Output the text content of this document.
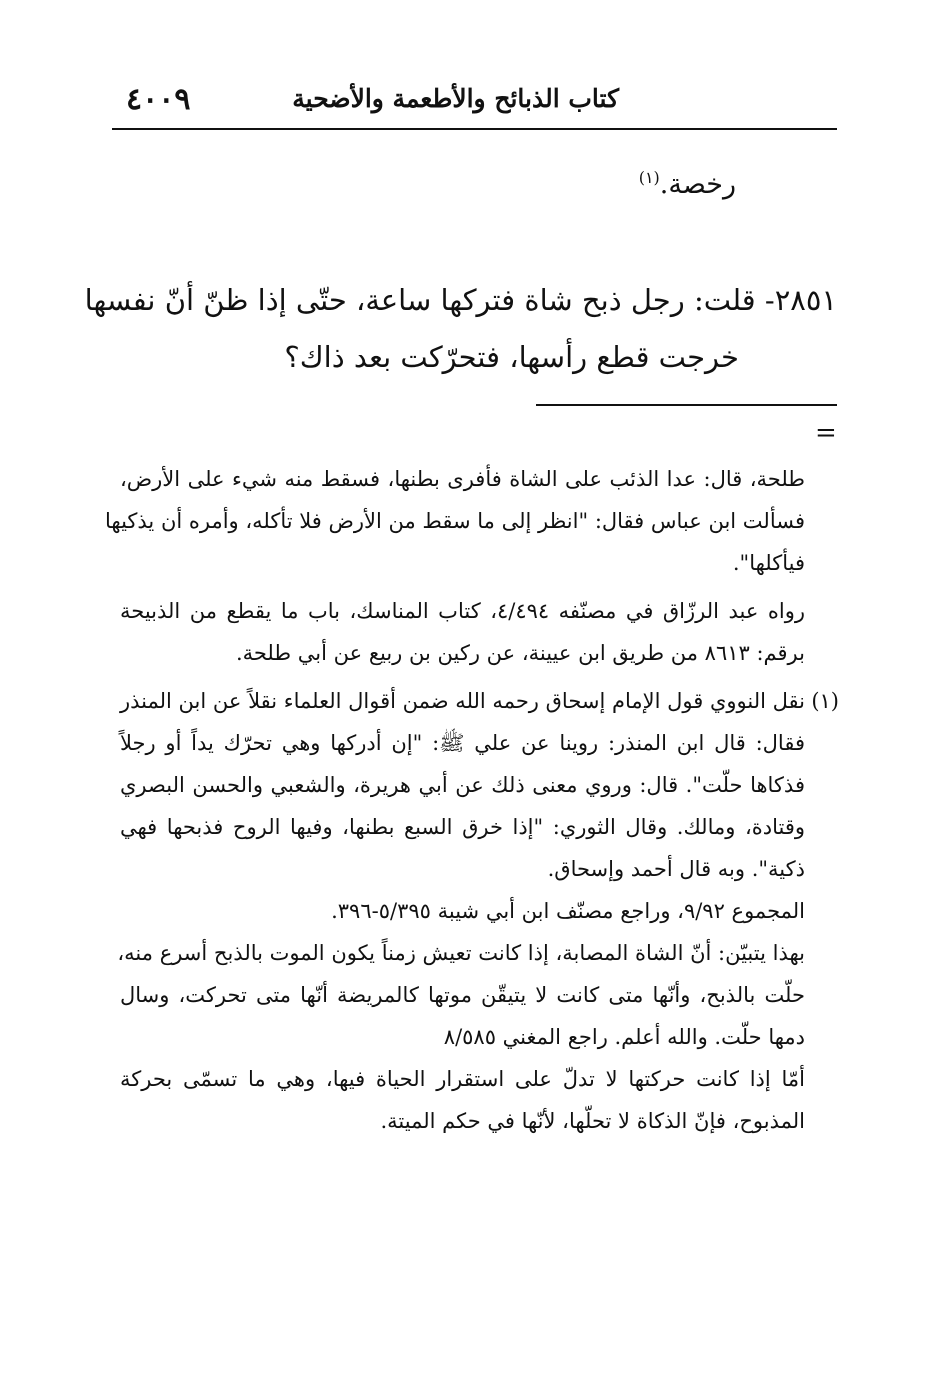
٤٠٠٩	كتاب الذبائح والأطعمة والأضحية
رخصة.$^{(١)}$
٢٨٥١- قلت: رجل ذبح شاة فتركها ساعة، حتّى إذا ظنّ أنّ نفسها
خرجت قطع رأسها، فتحرّكت بعد ذاك؟
=
طلحة، قال: عدا الذئب على الشاة فأفرى بطنها، فسقط منه شيء على الأرض،
فسألت ابن عباس فقال: "انظر إلى ما سقط من الأرض فلا تأكله، وأمره أن يذكيها
فيأكلها".
رواه عبد الرزّاق في مصنّفه ٤/٤٩٤، كتاب المناسك، باب ما يقطع من الذبيحة
برقم: ٨٦١٣ من طريق ابن عيينة، عن ركين بن ربيع عن أبي طلحة.
(١)
نقل النووي قول الإمام إسحاق رحمه الله ضمن أقوال العلماء نقلاً عن ابن المنذر
فقال: قال ابن المنذر: روينا عن علي ﷺ: "إن أدركها وهي تحرّك يداً أو رجلاً
فذكاها حلّت". قال: وروي معنى ذلك عن أبي هريرة، والشعبي والحسن البصري
وقتادة، ومالك. وقال الثوري: "إذا خرق السبع بطنها، وفيها الروح فذبحها فهي
ذكية". وبه قال أحمد وإسحاق.
المجموع ٩/٩٢، وراجع مصنّف ابن أبي شيبة ٥/٣٩٥-٣٩٦.
بهذا يتبيّن: أنّ الشاة المصابة، إذا كانت تعيش زمناً يكون الموت بالذبح أسرع منه،
حلّت بالذبح، وأنّها متى كانت لا يتيقّن موتها كالمريضة أنّها متى تحركت، وسال
دمها حلّت. والله أعلم. راجع المغني ٨/٥٨٥
أمّا إذا كانت حركتها لا تدلّ على استقرار الحياة فيها، وهي ما تسمّى بحركة
المذبوح، فإنّ الذكاة لا تحلّها، لأنّها في حكم الميتة.
